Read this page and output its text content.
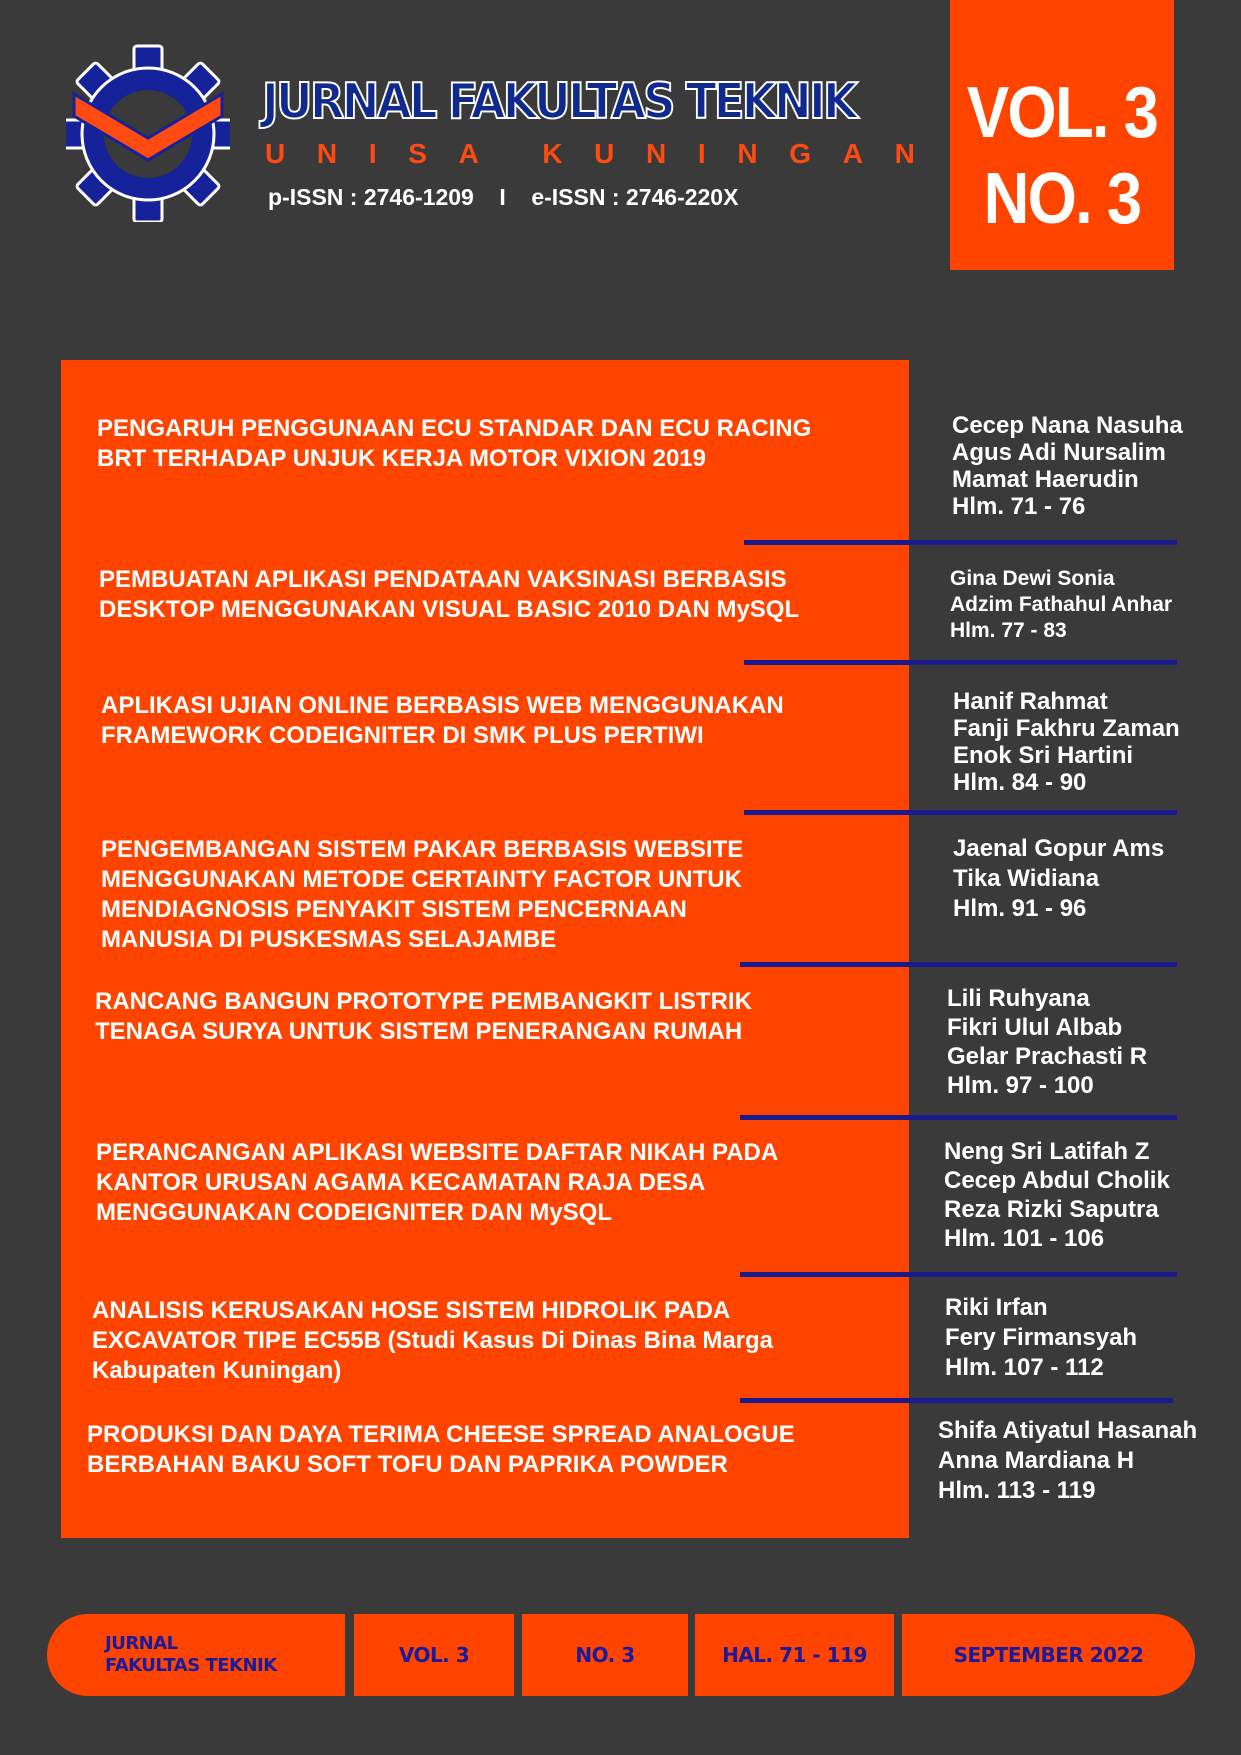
JURNAL FAKULTAS TEKNIK
U N I S A K U N I N G A N
p-ISSN : 2746-1209    I    e-ISSN : 2746-220X
VOL. 3
NO. 3
PENGARUH PENGGUNAAN ECU STANDAR DAN ECU RACING
BRT TERHADAP UNJUK KERJA MOTOR VIXION 2019
Cecep Nana Nasuha
Agus Adi Nursalim
Mamat Haerudin
Hlm. 71 - 76
PEMBUATAN APLIKASI PENDATAAN VAKSINASI BERBASIS
DESKTOP MENGGUNAKAN VISUAL BASIC 2010 DAN MySQL
Gina Dewi Sonia
Adzim Fathahul Anhar
Hlm. 77 - 83
APLIKASI UJIAN ONLINE BERBASIS WEB MENGGUNAKAN
FRAMEWORK CODEIGNITER DI SMK PLUS PERTIWI
Hanif Rahmat
Fanji Fakhru Zaman
Enok Sri Hartini
Hlm. 84 - 90
PENGEMBANGAN SISTEM PAKAR BERBASIS WEBSITE
MENGGUNAKAN METODE CERTAINTY FACTOR UNTUK
MENDIAGNOSIS PENYAKIT SISTEM PENCERNAAN
MANUSIA DI PUSKESMAS SELAJAMBE
Jaenal Gopur Ams
Tika Widiana
Hlm. 91 - 96
RANCANG BANGUN PROTOTYPE PEMBANGKIT LISTRIK
TENAGA SURYA UNTUK SISTEM PENERANGAN RUMAH
Lili Ruhyana
Fikri Ulul Albab
Gelar Prachasti R
Hlm. 97 - 100
PERANCANGAN APLIKASI WEBSITE DAFTAR NIKAH PADA
KANTOR URUSAN AGAMA KECAMATAN RAJA DESA
MENGGUNAKAN CODEIGNITER DAN MySQL
Neng Sri Latifah Z
Cecep Abdul Cholik
Reza Rizki Saputra
Hlm. 101 - 106
ANALISIS KERUSAKAN HOSE SISTEM HIDROLIK PADA
EXCAVATOR TIPE EC55B (Studi Kasus Di Dinas Bina Marga
Kabupaten Kuningan)
Riki Irfan
Fery Firmansyah
Hlm. 107 - 112
PRODUKSI DAN DAYA TERIMA CHEESE SPREAD ANALOGUE
BERBAHAN BAKU SOFT TOFU DAN PAPRIKA POWDER
Shifa Atiyatul Hasanah
Anna Mardiana H
Hlm. 113 - 119
JURNAL
FAKULTAS TEKNIK	VOL. 3	NO. 3	HAL. 71 - 119	SEPTEMBER 2022
